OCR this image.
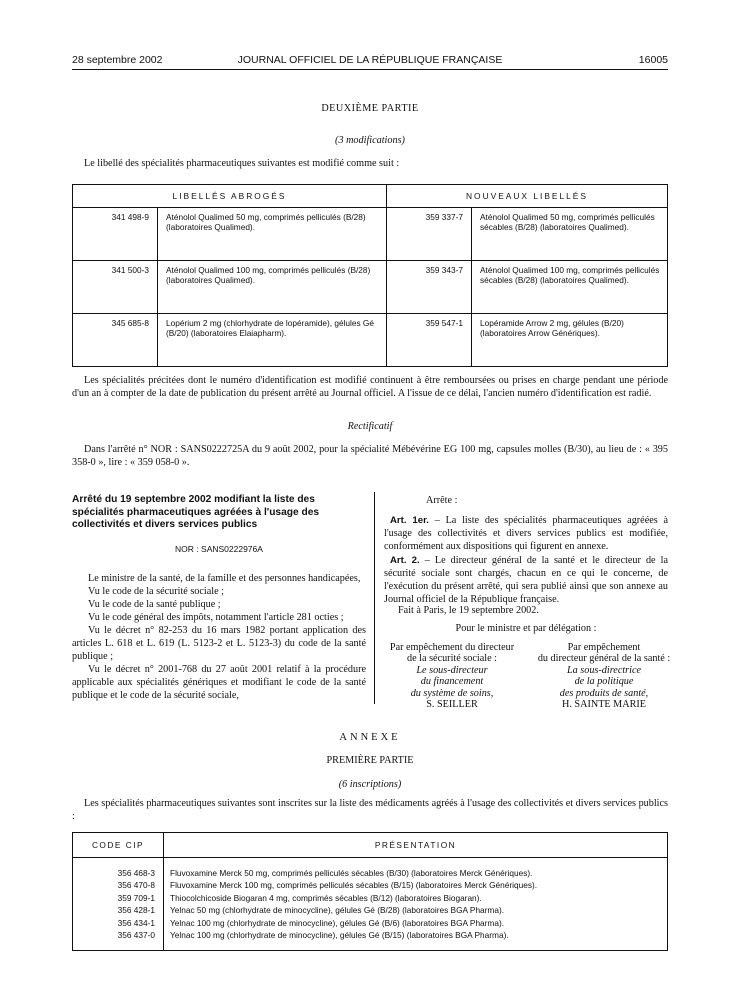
28 septembre 2002	JOURNAL OFFICIEL DE LA RÉPUBLIQUE FRANÇAISE	16005
DEUXIÈME PARTIE
(3 modifications)
Le libellé des spécialités pharmaceutiques suivantes est modifié comme suit :
LIBELLÉS ABROGÉS		NOUVEAUX LIBELLÉS	
341 498-9	Aténolol Qualimed 50 mg, comprimés pelliculés (B/28) (laboratoires Qualimed).	359 337-7	Aténolol Qualimed 50 mg, comprimés pelliculés sécables (B/28) (laboratoires Qualimed).
341 500-3	Aténolol Qualimed 100 mg, comprimés pelliculés (B/28) (laboratoires Qualimed).	359 343-7	Aténolol Qualimed 100 mg, comprimés pelliculés sécables (B/28) (laboratoires Qualimed).
345 685-8	Lopérium 2 mg (chlorhydrate de lopéramide), gélules Gé (B/20) (laboratoires Elaiapharm).	359 547-1	Lopéramide Arrow 2 mg, gélules (B/20) (laboratoires Arrow Génériques).
Les spécialités précitées dont le numéro d'identification est modifié continuent à être remboursées ou prises en charge pendant une période d'un an à compter de la date de publication du présent arrêté au Journal officiel. A l'issue de ce délai, l'ancien numéro d'identification est radié.
Rectificatif
Dans l'arrêté n° NOR : SANS0222725A du 9 août 2002, pour la spécialité Mébévérine EG 100 mg, capsules molles (B/30), au lieu de : « 395 358-0 », lire : « 359 058-0 ».
Arrêté du 19 septembre 2002 modifiant la liste des spécialités pharmaceutiques agréées à l'usage des collectivités et divers services publics
NOR : SANS0222976A
Le ministre de la santé, de la famille et des personnes handicapées,
Vu le code de la sécurité sociale ;
Vu le code de la santé publique ;
Vu le code général des impôts, notamment l'article 281 octies ;
Vu le décret n° 82-253 du 16 mars 1982 portant application des articles L. 618 et L. 619 (L. 5123-2 et L. 5123-3) du code de la santé publique ;
Vu le décret n° 2001-768 du 27 août 2001 relatif à la procédure applicable aux spécialités génériques et modifiant le code de la santé publique et le code de la sécurité sociale,
Arrête :
Art. 1er. – La liste des spécialités pharmaceutiques agréées à l'usage des collectivités et divers services publics est modifiée, conformément aux dispositions qui figurent en annexe.
Art. 2. – Le directeur général de la santé et le directeur de la sécurité sociale sont chargés, chacun en ce qui le concerne, de l'exécution du présent arrêté, qui sera publié ainsi que son annexe au Journal officiel de la République française.
Fait à Paris, le 19 septembre 2002.
Pour le ministre et par délégation :
Par empêchement du directeur
de la sécurité sociale :
Le sous-directeur
du financement
du système de soins,
S. SEILLER
Par empêchement
du directeur général de la santé :
La sous-directrice
de la politique
des produits de santé,
H. SAINTE MARIE
ANNEXE
PREMIÈRE PARTIE
(6 inscriptions)
Les spécialités pharmaceutiques suivantes sont inscrites sur la liste des médicaments agréés à l'usage des collectivités et divers services publics :
CODE CIP	PRÉSENTATION
356 468-3	Fluvoxamine Merck 50 mg, comprimés pelliculés sécables (B/30) (laboratoires Merck Génériques).
356 470-8	Fluvoxamine Merck 100 mg, comprimés pelliculés sécables (B/15) (laboratoires Merck Génériques).
359 709-1	Thiocolchicoside Biogaran 4 mg, comprimés sécables (B/12) (laboratoires Biogaran).
356 428-1	Yelnac 50 mg (chlorhydrate de minocycline), gélules Gé (B/28) (laboratoires BGA Pharma).
356 434-1	Yelnac 100 mg (chlorhydrate de minocycline), gélules Gé (B/6) (laboratoires BGA Pharma).
356 437-0	Yelnac 100 mg (chlorhydrate de minocycline), gélules Gé (B/15) (laboratoires BGA Pharma).
